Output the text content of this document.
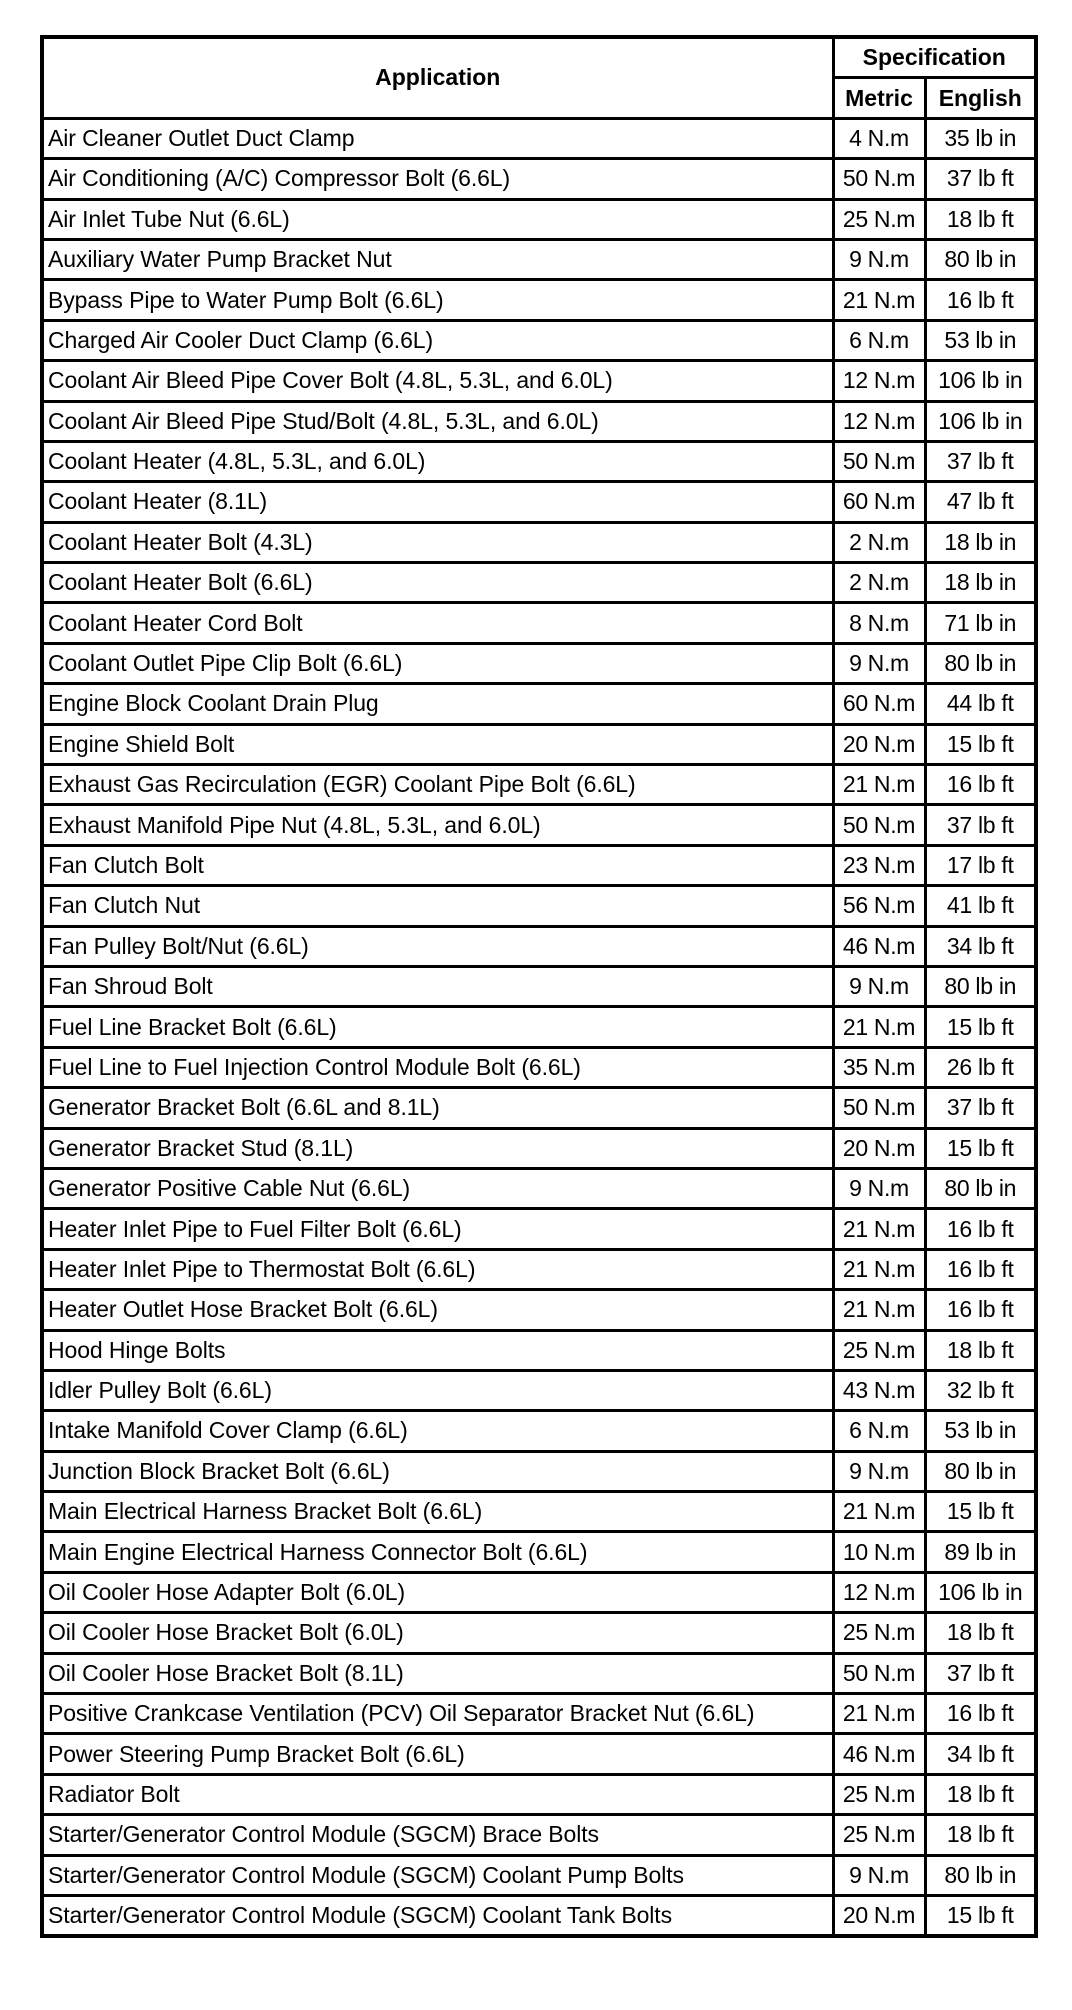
Application	Specification	
	Metric	English
Air Cleaner Outlet Duct Clamp	4 N.m	35 lb in
Air Conditioning (A/C) Compressor Bolt (6.6L)	50 N.m	37 lb ft
Air Inlet Tube Nut (6.6L)	25 N.m	18 lb ft
Auxiliary Water Pump Bracket Nut	9 N.m	80 lb in
Bypass Pipe to Water Pump Bolt (6.6L)	21 N.m	16 lb ft
Charged Air Cooler Duct Clamp (6.6L)	6 N.m	53 lb in
Coolant Air Bleed Pipe Cover Bolt (4.8L, 5.3L, and 6.0L)	12 N.m	106 lb in
Coolant Air Bleed Pipe Stud/Bolt (4.8L, 5.3L, and 6.0L)	12 N.m	106 lb in
Coolant Heater (4.8L, 5.3L, and 6.0L)	50 N.m	37 lb ft
Coolant Heater (8.1L)	60 N.m	47 lb ft
Coolant Heater Bolt (4.3L)	2 N.m	18 lb in
Coolant Heater Bolt (6.6L)	2 N.m	18 lb in
Coolant Heater Cord Bolt	8 N.m	71 lb in
Coolant Outlet Pipe Clip Bolt (6.6L)	9 N.m	80 lb in
Engine Block Coolant Drain Plug	60 N.m	44 lb ft
Engine Shield Bolt	20 N.m	15 lb ft
Exhaust Gas Recirculation (EGR) Coolant Pipe Bolt (6.6L)	21 N.m	16 lb ft
Exhaust Manifold Pipe Nut (4.8L, 5.3L, and 6.0L)	50 N.m	37 lb ft
Fan Clutch Bolt	23 N.m	17 lb ft
Fan Clutch Nut	56 N.m	41 lb ft
Fan Pulley Bolt/Nut (6.6L)	46 N.m	34 lb ft
Fan Shroud Bolt	9 N.m	80 lb in
Fuel Line Bracket Bolt (6.6L)	21 N.m	15 lb ft
Fuel Line to Fuel Injection Control Module Bolt (6.6L)	35 N.m	26 lb ft
Generator Bracket Bolt (6.6L and 8.1L)	50 N.m	37 lb ft
Generator Bracket Stud (8.1L)	20 N.m	15 lb ft
Generator Positive Cable Nut (6.6L)	9 N.m	80 lb in
Heater Inlet Pipe to Fuel Filter Bolt (6.6L)	21 N.m	16 lb ft
Heater Inlet Pipe to Thermostat Bolt (6.6L)	21 N.m	16 lb ft
Heater Outlet Hose Bracket Bolt (6.6L)	21 N.m	16 lb ft
Hood Hinge Bolts	25 N.m	18 lb ft
Idler Pulley Bolt (6.6L)	43 N.m	32 lb ft
Intake Manifold Cover Clamp (6.6L)	6 N.m	53 lb in
Junction Block Bracket Bolt (6.6L)	9 N.m	80 lb in
Main Electrical Harness Bracket Bolt (6.6L)	21 N.m	15 lb ft
Main Engine Electrical Harness Connector Bolt (6.6L)	10 N.m	89 lb in
Oil Cooler Hose Adapter Bolt (6.0L)	12 N.m	106 lb in
Oil Cooler Hose Bracket Bolt (6.0L)	25 N.m	18 lb ft
Oil Cooler Hose Bracket Bolt (8.1L)	50 N.m	37 lb ft
Positive Crankcase Ventilation (PCV) Oil Separator Bracket Nut (6.6L)	21 N.m	16 lb ft
Power Steering Pump Bracket Bolt (6.6L)	46 N.m	34 lb ft
Radiator Bolt	25 N.m	18 lb ft
Starter/Generator Control Module (SGCM) Brace Bolts	25 N.m	18 lb ft
Starter/Generator Control Module (SGCM) Coolant Pump Bolts	9 N.m	80 lb in
Starter/Generator Control Module (SGCM) Coolant Tank Bolts	20 N.m	15 lb ft
